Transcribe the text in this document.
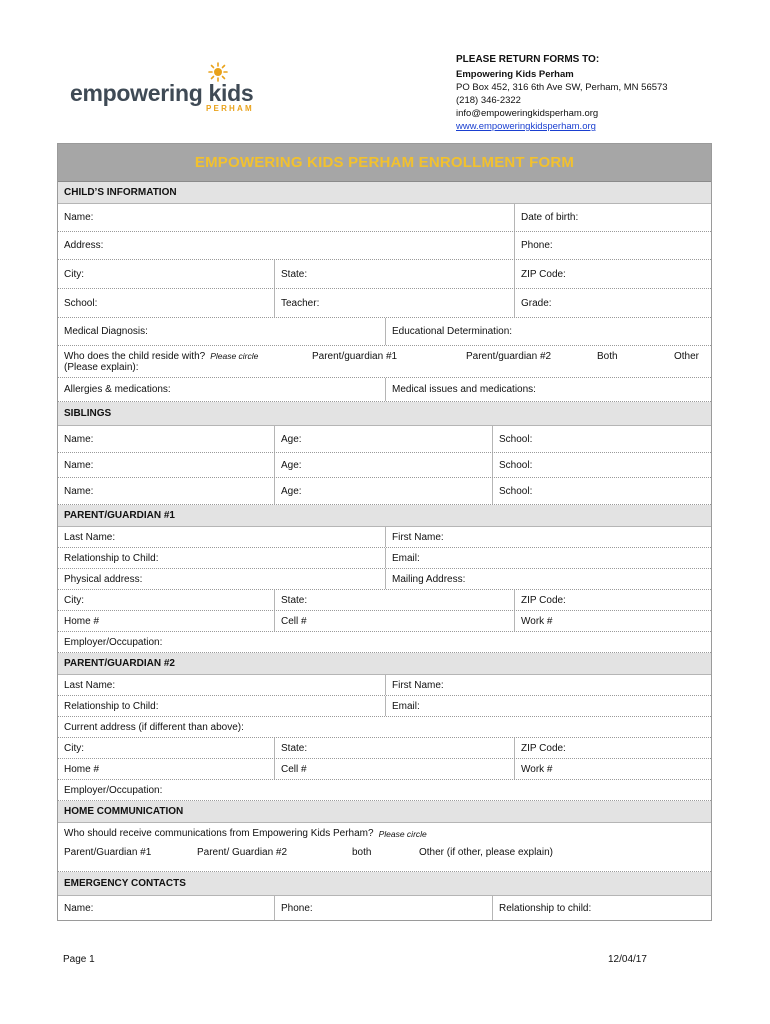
empowering kids
PERHAM
PLEASE RETURN FORMS TO:
Empowering Kids Perham
PO Box 452, 316 6th Ave SW, Perham, MN 56573
(218) 346-2322
info@empoweringkidsperham.org
www.empoweringkidsperham.org
EMPOWERING KIDS PERHAM ENROLLMENT FORM
CHILD’S INFORMATION
Name:	Date of birth:
Address:	Phone:
City:	State:	ZIP Code:
School:	Teacher:	Grade:
Medical Diagnosis:	Educational Determination:
Who does the child reside with? Please circle
(Please explain):
Parent/guardian #1	Parent/guardian #2	Both	Other
Allergies & medications:	Medical issues and medications:
SIBLINGS
Name:	Age:	School:
Name:	Age:	School:
Name:	Age:	School:
PARENT/GUARDIAN #1
Last Name:	First Name:
Relationship to Child:	Email:
Physical address:	Mailing Address:
City:	State:	ZIP Code:
Home #	Cell #	Work #
Employer/Occupation:
PARENT/GUARDIAN #2
Last Name:	First Name:
Relationship to Child:	Email:
Current address (if different than above):
City:	State:	ZIP Code:
Home #	Cell #	Work #
Employer/Occupation:
HOME COMMUNICATION
Who should receive communications from Empowering Kids Perham? Please circle
Parent/Guardian #1	Parent/ Guardian #2	both	Other (if other, please explain)
EMERGENCY CONTACTS
Name:	Phone:	Relationship to child:
Page 1	12/04/17
